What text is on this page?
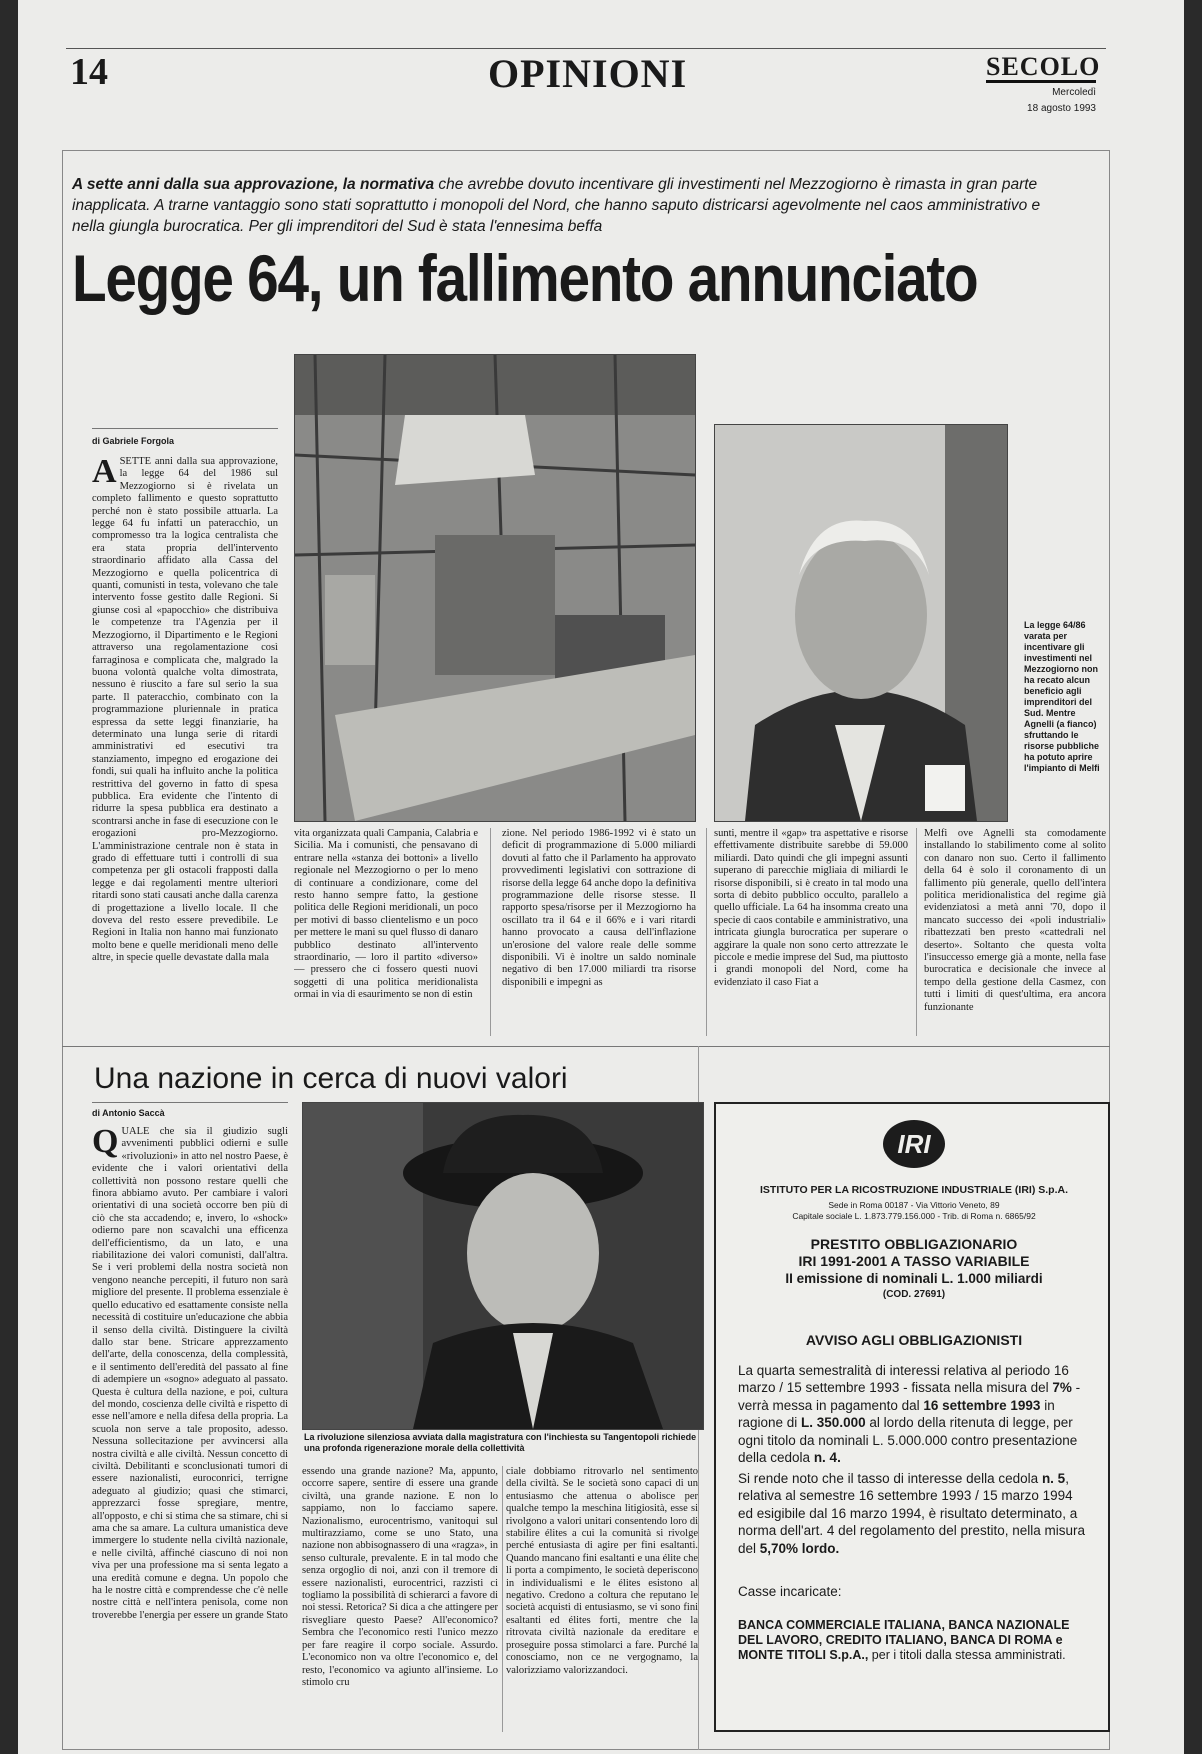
14	OPINIONI	SECOLO
Mercoledì
18 agosto 1993
A sette anni dalla sua approvazione, la normativa che avrebbe dovuto incentivare gli investimenti nel Mezzogiorno è rimasta in gran parte inapplicata. A trarne vantaggio sono stati soprattutto i monopoli del Nord, che hanno saputo districarsi agevolmente nel caos amministrativo e nella giungla burocratica. Per gli imprenditori del Sud è stata l'ennesima beffa
Legge 64, un fallimento annunciato
di Gabriele Forgola
ASETTE anni dalla sua approvazione, la legge 64 del 1986 sul Mezzogiorno si è rivelata un completo fallimento e questo soprattutto perché non è stato possibile attuarla. La legge 64 fu infatti un pateracchio, un compromesso tra la logica centralista che era stata propria dell'intervento straordinario affidato alla Cassa del Mezzogiorno e quella policentrica di quanti, comunisti in testa, volevano che tale intervento fosse gestito dalle Regioni. Si giunse così al «papocchio» che distribuiva le competenze tra l'Agenzia per il Mezzogiorno, il Dipartimento e le Regioni attraverso una regolamentazione così farraginosa e complicata che, malgrado la buona volontà qualche volta dimostrata, nessuno è riuscito a fare sul serio la sua parte. Il pateracchio, combinato con la programmazione pluriennale in pratica espressa da sette leggi finanziarie, ha determinato una lunga serie di ritardi amministrativi ed esecutivi tra stanziamento, impegno ed erogazione dei fondi, sui quali ha influito anche la politica restrittiva del governo in fatto di spesa pubblica. Era evidente che l'intento di ridurre la spesa pubblica era destinato a scontrarsi anche in fase di esecuzione con le erogazioni pro-Mezzogiorno. L'amministrazione centrale non è stata in grado di effettuare tutti i controlli di sua competenza per gli ostacoli frapposti dalla legge e dai regolamenti mentre ulteriori ritardi sono stati causati anche dalla carenza di progettazione a livello locale. Il che doveva del resto essere prevedibile. Le Regioni in Italia non hanno mai funzionato molto bene e quelle meridionali meno delle altre, in specie quelle devastate dalla mala
La legge 64/86 varata per incentivare gli investimenti nel Mezzogiorno non ha recato alcun beneficio agli imprenditori del Sud. Mentre Agnelli (a fianco) sfruttando le risorse pubbliche ha potuto aprire l'impianto di Melfi
vita organizzata quali Campania, Calabria e Sicilia. Ma i comunisti, che pensavano di entrare nella «stanza dei bottoni» a livello regionale nel Mezzogiorno o per lo meno di continuare a condizionare, come del resto hanno sempre fatto, la gestione politica delle Regioni meridionali, un poco per motivi di basso clientelismo e un poco per mettere le mani su quel flusso di danaro pubblico destinato all'intervento straordinario, — loro il partito «diverso» — pressero che ci fossero questi nuovi soggetti di una politica meridionalista ormai in via di esaurimento se non di estin
zione. Nel periodo 1986-1992 vi è stato un deficit di programmazione di 5.000 miliardi dovuti al fatto che il Parlamento ha approvato provvedimenti legislativi con sottrazione di risorse della legge 64 anche dopo la definitiva programmazione delle risorse stesse. Il rapporto spesa/risorse per il Mezzogiorno ha oscillato tra il 64 e il 66% e i vari ritardi hanno provocato a causa dell'inflazione un'erosione del valore reale delle somme disponibili. Vi è inoltre un saldo nominale negativo di ben 17.000 miliardi tra risorse disponibili e impegni as
sunti, mentre il «gap» tra aspettative e risorse effettivamente distribuite sarebbe di 59.000 miliardi. Dato quindi che gli impegni assunti superano di parecchie migliaia di miliardi le risorse disponibili, si è creato in tal modo una sorta di debito pubblico occulto, parallelo a quello ufficiale. La 64 ha insomma creato una specie di caos contabile e amministrativo, una intricata giungla burocratica per superare o aggirare la quale non sono certo attrezzate le piccole e medie imprese del Sud, ma piuttosto i grandi monopoli del Nord, come ha evidenziato il caso Fiat a
Melfi ove Agnelli sta comodamente installando lo stabilimento come al solito con danaro non suo. Certo il fallimento della 64 è solo il coronamento di un fallimento più generale, quello dell'intera politica meridionalistica del regime già evidenziatosi a metà anni '70, dopo il mancato successo dei «poli industriali» ribattezzati ben presto «cattedrali nel deserto». Soltanto che questa volta l'insuccesso emerge già a monte, nella fase burocratica e decisionale che invece al tempo della gestione della Casmez, con tutti i limiti di quest'ultima, era ancora funzionante
Una nazione in cerca di nuovi valori
di Antonio Saccà
QUALE che sia il giudizio sugli avvenimenti pubblici odierni e sulle «rivoluzioni» in atto nel nostro Paese, è evidente che i valori orientativi della collettività non possono restare quelli che finora abbiamo avuto. Per cambiare i valori orientativi di una società occorre ben più di ciò che sta accadendo; e, invero, lo «shock» odierno pare non scavalchi una efficenza dell'efficientismo, da un lato, e una riabilitazione dei valori comunisti, dall'altra. Se i veri problemi della nostra società non vengono neanche percepiti, il futuro non sarà migliore del presente. Il problema essenziale è quello educativo ed esattamente consiste nella necessità di costituire un'educazione che abbia il senso della civiltà. Distinguere la civiltà dallo star bene. Stricare apprezzamento dell'arte, della conoscenza, della complessità, e il sentimento dell'eredità del passato al fine di adempiere un «sogno» adeguato al passato. Questa è cultura della nazione, e poi, cultura del mondo, coscienza delle civiltà e rispetto di esse nell'amore e nella difesa della propria. La scuola non serve a tale proposito, adesso. Nessuna sollecitazione per avvincersi alla nostra civiltà e alle civiltà. Nessun concetto di civiltà. Debilitanti e sconclusionati tumori di essere nazionalisti, euroconrici, terrigne adeguato al giudizio; quasi che stimarci, apprezzarci fosse spregiare, mentre, all'opposto, e chi si stima che sa stimare, chi si ama che sa amare. La cultura umanistica deve immergere lo studente nella civiltà nazionale, e nelle civiltà, affinché ciascuno di noi non viva per una professione ma si senta legato a una eredità comune e degna. Un popolo che ha le nostre città e comprendesse che c'è nelle nostre città e nell'intera penisola, come non troverebbe l'energia per essere un grande Stato
La rivoluzione silenziosa avviata dalla magistratura con l'inchiesta su Tangentopoli richiede una profonda rigenerazione morale della collettività
essendo una grande nazione? Ma, appunto, occorre sapere, sentire di essere una grande civiltà, una grande nazione. E non lo sappiamo, non lo facciamo sapere. Nazionalismo, eurocentrismo, vanitoqui sul multirazziamo, come se uno Stato, una nazione non abbisognassero di una «ragza», in senso culturale, prevalente. E in tal modo che senza orgoglio di noi, anzi con il tremore di essere nazionalisti, eurocentrici, razzisti ci togliamo la possibilità di schierarci a favore di noi stessi. Retorica? Si dica a che attingere per risvegliare questo Paese? All'economico? Sembra che l'economico resti l'unico mezzo per fare reagire il corpo sociale. Assurdo. L'economico non va oltre l'economico e, del resto, l'economico va agiunto all'insieme. Lo stimolo cru
ciale dobbiamo ritrovarlo nel sentimento della civiltà. Se le società sono capaci di un entusiasmo che attenua o abolisce per qualche tempo la meschina litigiosità, esse si rivolgono a valori unitari consentendo loro di stabilire élites a cui la comunità si rivolge perché entusiasta di agire per fini esaltanti. Quando mancano fini esaltanti e una élite che li porta a compimento, le società deperiscono in individualismi e le élites esistono al negativo. Credono a coltura che reputano le società acquisti di entusiasmo, se vi sono fini esaltanti ed élites forti, mentre che la ritrovata civiltà nazionale da ereditare e proseguire possa stimolarci a fare. Purché la conosciamo, non ce ne vergognamo, la valorizziamo valorizzandoci.
IRI
ISTITUTO PER LA RICOSTRUZIONE INDUSTRIALE (IRI) S.p.A.
Sede in Roma 00187 - Via Vittorio Veneto, 89
Capitale sociale L. 1.873.779.156.000 - Trib. di Roma n. 6865/92
PRESTITO OBBLIGAZIONARIO
IRI 1991-2001 A TASSO VARIABILE
II emissione di nominali L. 1.000 miliardi
(COD. 27691)
AVVISO AGLI OBBLIGAZIONISTI
La quarta semestralità di interessi relativa al periodo 16 marzo / 15 settembre 1993 - fissata nella misura del 7% - verrà messa in pagamento dal 16 settembre 1993 in ragione di L. 350.000 al lordo della ritenuta di legge, per ogni titolo da nominali L. 5.000.000 contro presentazione della cedola n. 4.
Si rende noto che il tasso di interesse della cedola n. 5, relativa al semestre 16 settembre 1993 / 15 marzo 1994 ed esigibile dal 16 marzo 1994, è risultato determinato, a norma dell'art. 4 del regolamento del prestito, nella misura del 5,70% lordo.
Casse incaricate:
BANCA COMMERCIALE ITALIANA, BANCA NAZIONALE DEL LAVORO, CREDITO ITALIANO, BANCA DI ROMA e MONTE TITOLI S.p.A., per i titoli dalla stessa amministrati.
